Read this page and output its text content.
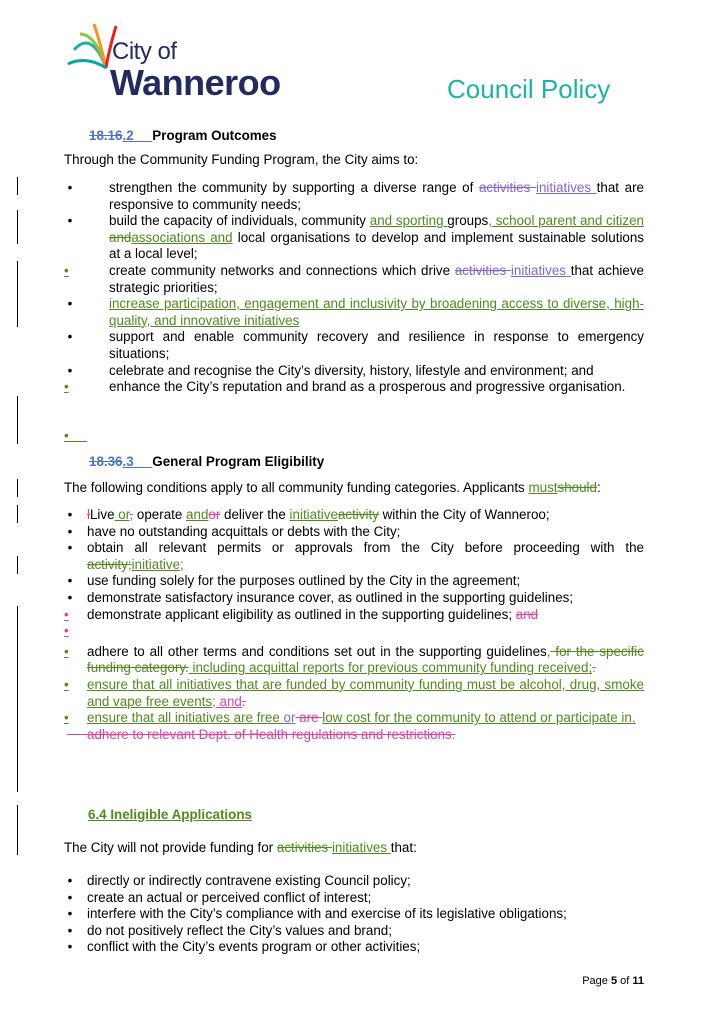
City of
Wanneroo	Council Policy
18.16.2 Program Outcomes
Through the Community Funding Program, the City aims to:
•	strengthen the community by supporting a diverse range of activities initiatives that are responsive to community needs;
•	build the capacity of individuals, community and sporting groups, school parent and citizen andassociations and local organisations to develop and implement sustainable solutions at a local level;
•	create community networks and connections which drive activities initiatives that achieve strategic priorities;
•	increase participation, engagement and inclusivity by broadening access to diverse, high-quality, and innovative initiatives
•	support and enable community recovery and resilience in response to emergency situations;
•	celebrate and recognise the City’s diversity, history, lifestyle and environment; and
•	enhance the City’s reputation and brand as a prosperous and progressive organisation.
•
18.36.3 General Program Eligibility
The following conditions apply to all community funding categories. Applicants mustshould:
• lLive or, operate andor deliver the initiativeactivity within the City of Wanneroo;
• have no outstanding acquittals or debts with the City;
• obtain all relevant permits or approvals from the City before proceeding with the activity;initiative;
• use funding solely for the purposes outlined by the City in the agreement;
• demonstrate satisfactory insurance cover, as outlined in the supporting guidelines;
•	demonstrate applicant eligibility as outlined in the supporting guidelines; and
•

•	adhere to all other terms and conditions set out in the supporting guidelines, for the specific funding category. including acquittal reports for previous community funding received;.
•	ensure that all initiatives that are funded by community funding must be alcohol, drug, smoke and vape free events; and.
•	ensure that all initiatives are free or are low cost for the community to attend or participate in.

adhere to relevant Dept. of Health regulations and restrictions.
6.4 Ineligible Applications
The City will not provide funding for activities initiatives that:
• directly or indirectly contravene existing Council policy;
• create an actual or perceived conflict of interest;
• interfere with the City’s compliance with and exercise of its legislative obligations;
• do not positively reflect the City’s values and brand;
• conflict with the City’s events program or other activities;
Page 5 of 11
